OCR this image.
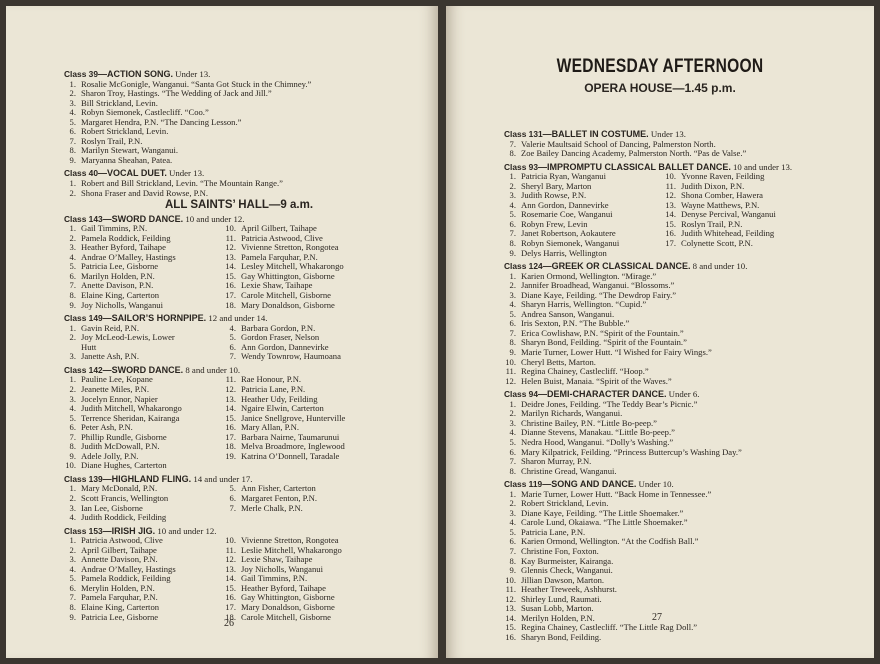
Class 39—ACTION SONG. Under 13.
1. Rosalie McGonigle, Wanganui. “Santa Got Stuck in the Chimney.”
2. Sharon Troy, Hastings. “The Wedding of Jack and Jill.”
3. Bill Strickland, Levin.
4. Robyn Siemonek, Castlecliff. “Coo.”
5. Margaret Hendra, P.N. “The Dancing Lesson.”
6. Robert Strickland, Levin.
7. Roslyn Trail, P.N.
8. Marilyn Stewart, Wanganui.
9. Maryanna Sheahan, Patea.
Class 40—VOCAL DUET. Under 13.
1. Robert and Bill Strickland, Levin. “The Mountain Range.”
2. Shona Fraser and David Rowse, P.N.
ALL SAINTS’ HALL—9 a.m.
Class 143—SWORD DANCE. 10 and under 12.
1. Gail Timmins, P.N.
2. Pamela Roddick, Feilding
3. Heather Byford, Taihape
4. Andrae O’Malley, Hastings
5. Patricia Lee, Gisborne
6. Marilyn Holden, P.N.
7. Anette Davison, P.N.
8. Elaine King, Carterton
9. Joy Nicholls, Wanganui
10. April Gilbert, Taihape
11. Patricia Astwood, Clive
12. Vivienne Stretton, Rongotea
13. Pamela Farquhar, P.N.
14. Lesley Mitchell, Whakarongo
15. Gay Whittington, Gisborne
16. Lexie Shaw, Taihape
17. Carole Mitchell, Gisborne
18. Mary Donaldson, Gisborne
Class 149—SAILOR’S HORNPIPE. 12 and under 14.
1. Gavin Reid, P.N.
2. Joy McLeod-Lewis, Lower
Hutt
3. Janette Ash, P.N.
4. Barbara Gordon, P.N.
5. Gordon Fraser, Nelson
6. Ann Gordon, Dannevirke
7. Wendy Townrow, Haumoana
Class 142—SWORD DANCE. 8 and under 10.
1. Pauline Lee, Kopane
2. Jeanette Miles, P.N.
3. Jocelyn Ennor, Napier
4. Judith Mitchell, Whakarongo
5. Terrence Sheridan, Kairanga
6. Peter Ash, P.N.
7. Phillip Rundle, Gisborne
8. Judith McDowall, P.N.
9. Adele Jolly, P.N.
10. Diane Hughes, Carterton
11. Rae Honour, P.N.
12. Patricia Lane, P.N.
13. Heather Udy, Feilding
14. Ngaire Elwin, Carterton
15. Janice Snellgrove, Hunterville
16. Mary Allan, P.N.
17. Barbara Nairne, Taumarunui
18. Melva Broadmore, Inglewood
19. Katrina O’Donnell, Taradale
Class 139—HIGHLAND FLING. 14 and under 17.
1. Mary McDonald, P.N.
2. Scott Francis, Wellington
3. Ian Lee, Gisborne
4. Judith Roddick, Feilding
5. Ann Fisher, Carterton
6. Margaret Fenton, P.N.
7. Merle Chalk, P.N.
Class 153—IRISH JIG. 10 and under 12.
1. Patricia Astwood, Clive
2. April Gilbert, Taihape
3. Annette Davison, P.N.
4. Andrae O’Malley, Hastings
5. Pamela Roddick, Feilding
6. Merylin Holden, P.N.
7. Pamela Farquhar, P.N.
8. Elaine King, Carterton
9. Patricia Lee, Gisborne
10. Vivienne Stretton, Rongotea
11. Leslie Mitchell, Whakarongo
12. Lexie Shaw, Taihape
13. Joy Nicholls, Wanganui
14. Gail Timmins, P.N.
15. Heather Byford, Taihape
16. Gay Whittington, Gisborne
17. Mary Donaldson, Gisborne
18. Carole Mitchell, Gisborne
26
WEDNESDAY AFTERNOON
OPERA HOUSE—1.45 p.m.
Class 131—BALLET IN COSTUME. Under 13.
7. Valerie Maultsaid School of Dancing, Palmerston North.
8. Zoe Bailey Dancing Academy, Palmerston North. “Pas de Valse.”
Class 93—IMPROMPTU CLASSICAL BALLET DANCE. 10 and under 13.
1. Patricia Ryan, Wanganui
2. Sheryl Bary, Marton
3. Judith Rowse, P.N.
4. Ann Gordon, Dannevirke
5. Rosemarie Coe, Wanganui
6. Robyn Frew, Levin
7. Janet Robertson, Aokautere
8. Robyn Siemonek, Wanganui
9. Delys Harris, Wellington
10. Yvonne Raven, Feilding
11. Judith Dixon, P.N.
12. Shona Comber, Hawera
13. Wayne Matthews, P.N.
14. Denyse Percival, Wanganui
15. Roslyn Trail, P.N.
16. Judith Whitehead, Feilding
17. Colynette Scott, P.N.
Class 124—GREEK OR CLASSICAL DANCE. 8 and under 10.
1. Karien Ormond, Wellington. “Mirage.”
2. Jannifer Broadhead, Wanganui. “Blossoms.”
3. Diane Kaye, Feilding. “The Dewdrop Fairy.”
4. Sharyn Harris, Wellington. “Cupid.”
5. Andrea Sanson, Wanganui.
6. Iris Sexton, P.N. “The Bubble.”
7. Erica Cowlishaw, P.N. “Spirit of the Fountain.”
8. Sharyn Bond, Feilding. “Spirit of the Fountain.”
9. Marie Turner, Lower Hutt. “I Wished for Fairy Wings.”
10. Cheryl Betts, Marton.
11. Regina Chainey, Castlecliff. “Hoop.”
12. Helen Buist, Manaia. “Spirit of the Waves.”
Class 94—DEMI-CHARACTER DANCE. Under 6.
1. Deidre Jones, Feilding. “The Teddy Bear’s Picnic.”
2. Marilyn Richards, Wanganui.
3. Christine Bailey, P.N. “Little Bo-peep.”
4. Dianne Stevens, Manakau. “Little Bo-peep.”
5. Nedra Hood, Wanganui. “Dolly’s Washing.”
6. Mary Kilpatrick, Feilding. “Princess Buttercup’s Washing Day.”
7. Sharon Murray, P.N.
8. Christine Gread, Wanganui.
Class 119—SONG AND DANCE. Under 10.
1. Marie Turner, Lower Hutt. “Back Home in Tennessee.”
2. Robert Strickland, Levin.
3. Diane Kaye, Feilding. “The Little Shoemaker.”
4. Carole Lund, Okaiawa. “The Little Shoemaker.”
5. Patricia Lane, P.N.
6. Karien Ormond, Wellington. “At the Codfish Ball.”
7. Christine Fon, Foxton.
8. Kay Burmeister, Kairanga.
9. Glennis Check, Wanganui.
10. Jillian Dawson, Marton.
11. Heather Treweek, Ashhurst.
12. Shirley Lund, Raumati.
13. Susan Lobb, Marton.
14. Merilyn Holden, P.N.
15. Regina Chainey, Castlecliff. “The Little Rag Doll.”
16. Sharyn Bond, Feilding.
27
